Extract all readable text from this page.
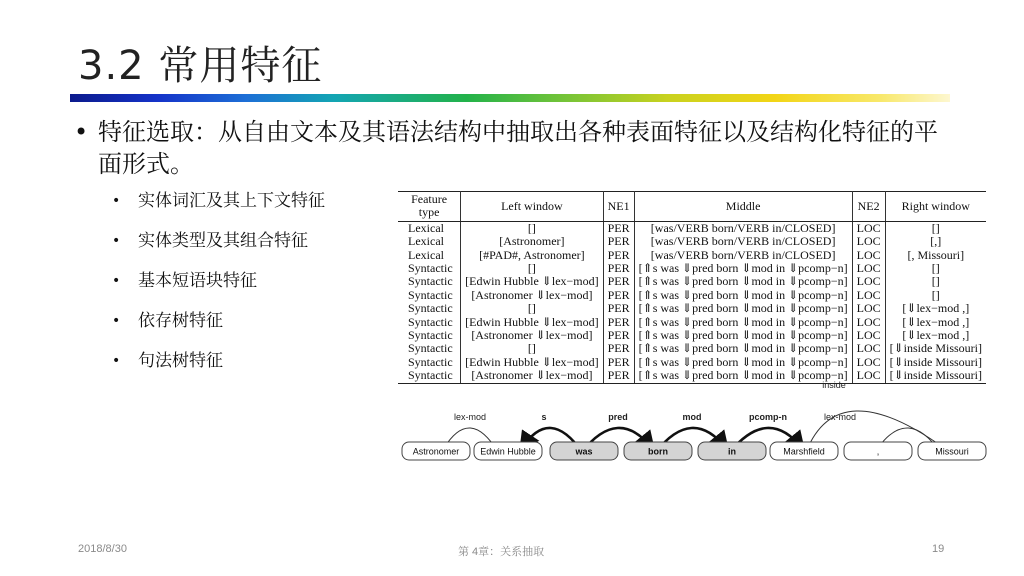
3.2 常用特征
• 特征选取：从自由文本及其语法结构中抽取出各种表面特征以及结构化特征的平面形式。
• 实体词汇及其上下文特征
• 实体类型及其组合特征
• 基本短语块特征
• 依存树特征
• 句法树特征
Feature type	Left window	NE1	Middle	NE2	Right window
Lexical	[]	PER	[was/VERB born/VERB in/CLOSED]	LOC	[]
Lexical	[Astronomer]	PER	[was/VERB born/VERB in/CLOSED]	LOC	[,]
Lexical	[#PAD#, Astronomer]	PER	[was/VERB born/VERB in/CLOSED]	LOC	[, Missouri]
Syntactic	[]	PER	[⇑s was ⇓pred born ⇓mod in ⇓pcomp−n]	LOC	[]
Syntactic	[Edwin Hubble ⇓lex−mod]	PER	[⇑s was ⇓pred born ⇓mod in ⇓pcomp−n]	LOC	[]
Syntactic	[Astronomer ⇓lex−mod]	PER	[⇑s was ⇓pred born ⇓mod in ⇓pcomp−n]	LOC	[]
Syntactic	[]	PER	[⇑s was ⇓pred born ⇓mod in ⇓pcomp−n]	LOC	[⇓lex−mod ,]
Syntactic	[Edwin Hubble ⇓lex−mod]	PER	[⇑s was ⇓pred born ⇓mod in ⇓pcomp−n]	LOC	[⇓lex−mod ,]
Syntactic	[Astronomer ⇓lex−mod]	PER	[⇑s was ⇓pred born ⇓mod in ⇓pcomp−n]	LOC	[⇓lex−mod ,]
Syntactic	[]	PER	[⇑s was ⇓pred born ⇓mod in ⇓pcomp−n]	LOC	[⇓inside Missouri]
Syntactic	[Edwin Hubble ⇓lex−mod]	PER	[⇑s was ⇓pred born ⇓mod in ⇓pcomp−n]	LOC	[⇓inside Missouri]
Syntactic	[Astronomer ⇓lex−mod]	PER	[⇑s was ⇓pred born ⇓mod in ⇓pcomp−n]	LOC	[⇓inside Missouri]
lex-mod	s	pred	mod	pcomp-n	lex-mod
inside
Astronomer Edwin Hubble	was	born	in	Marshfield	,	Missouri
2018/8/30	第 4章：关系抽取	19
